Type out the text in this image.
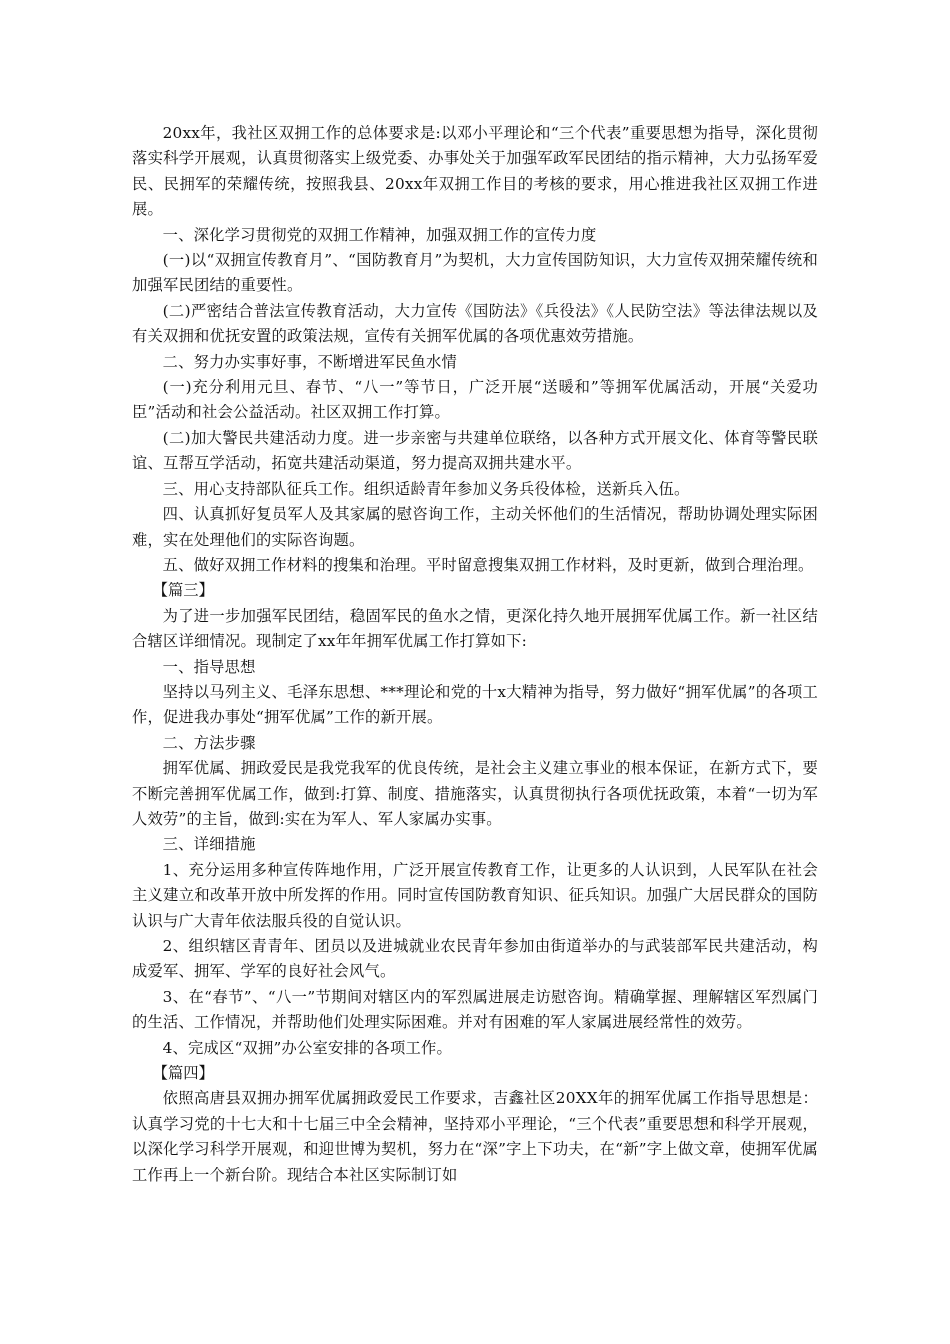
20xx年，我社区双拥工作的总体要求是:以邓小平理论和“三个代表”重要思想为指导，深化贯彻落实科学开展观，认真贯彻落实上级党委、办事处关于加强军政军民团结的指示精神，大力弘扬军爱民、民拥军的荣耀传统，按照我县、20xx年双拥工作目的考核的要求，用心推进我社区双拥工作进展。

一、深化学习贯彻党的双拥工作精神，加强双拥工作的宣传力度

(一)以“双拥宣传教育月”、“国防教育月”为契机，大力宣传国防知识，大力宣传双拥荣耀传统和加强军民团结的重要性。

(二)严密结合普法宣传教育活动，大力宣传《国防法》《兵役法》《人民防空法》等法律法规以及有关双拥和优抚安置的政策法规，宣传有关拥军优属的各项优惠效劳措施。

二、努力办实事好事，不断增进军民鱼水情

(一)充分利用元旦、春节、“八一”等节日，广泛开展“送暖和”等拥军优属活动，开展“关爱功臣”活动和社会公益活动。社区双拥工作打算。

(二)加大警民共建活动力度。进一步亲密与共建单位联络，以各种方式开展文化、体育等警民联谊、互帮互学活动，拓宽共建活动渠道，努力提高双拥共建水平。

三、用心支持部队征兵工作。组织适龄青年参加义务兵役体检，送新兵入伍。

四、认真抓好复员军人及其家属的慰咨询工作，主动关怀他们的生活情况，帮助协调处理实际困难，实在处理他们的实际咨询题。

五、做好双拥工作材料的搜集和治理。平时留意搜集双拥工作材料，及时更新，做到合理治理。

【篇三】

为了进一步加强军民团结，稳固军民的鱼水之情，更深化持久地开展拥军优属工作。新一社区结合辖区详细情况。现制定了xx年年拥军优属工作打算如下:

一、指导思想

坚持以马列主义、毛泽东思想、***理论和党的十x大精神为指导，努力做好“拥军优属”的各项工作，促进我办事处“拥军优属”工作的新开展。

二、方法步骤

拥军优属、拥政爱民是我党我军的优良传统，是社会主义建立事业的根本保证，在新方式下，要不断完善拥军优属工作，做到:打算、制度、措施落实，认真贯彻执行各项优抚政策，本着“一切为军人效劳”的主旨，做到:实在为军人、军人家属办实事。

三、详细措施

1、充分运用多种宣传阵地作用，广泛开展宣传教育工作，让更多的人认识到，人民军队在社会主义建立和改革开放中所发挥的作用。同时宣传国防教育知识、征兵知识。加强广大居民群众的国防认识与广大青年依法服兵役的自觉认识。

2、组织辖区青青年、团员以及进城就业农民青年参加由街道举办的与武装部军民共建活动，构成爱军、拥军、学军的良好社会风气。

3、在“春节”、“八一”节期间对辖区内的军烈属进展走访慰咨询。精确掌握、理解辖区军烈属门的生活、工作情况，并帮助他们处理实际困难。并对有困难的军人家属进展经常性的效劳。

4、完成区“双拥”办公室安排的各项工作。

【篇四】

依照高唐县双拥办拥军优属拥政爱民工作要求，吉鑫社区20XX年的拥军优属工作指导思想是：认真学习党的十七大和十七届三中全会精神，坚持邓小平理论，“三个代表”重要思想和科学开展观，以深化学习科学开展观，和迎世博为契机，努力在“深”字上下功夫，在“新”字上做文章，使拥军优属工作再上一个新台阶。现结合本社区实际制订如
